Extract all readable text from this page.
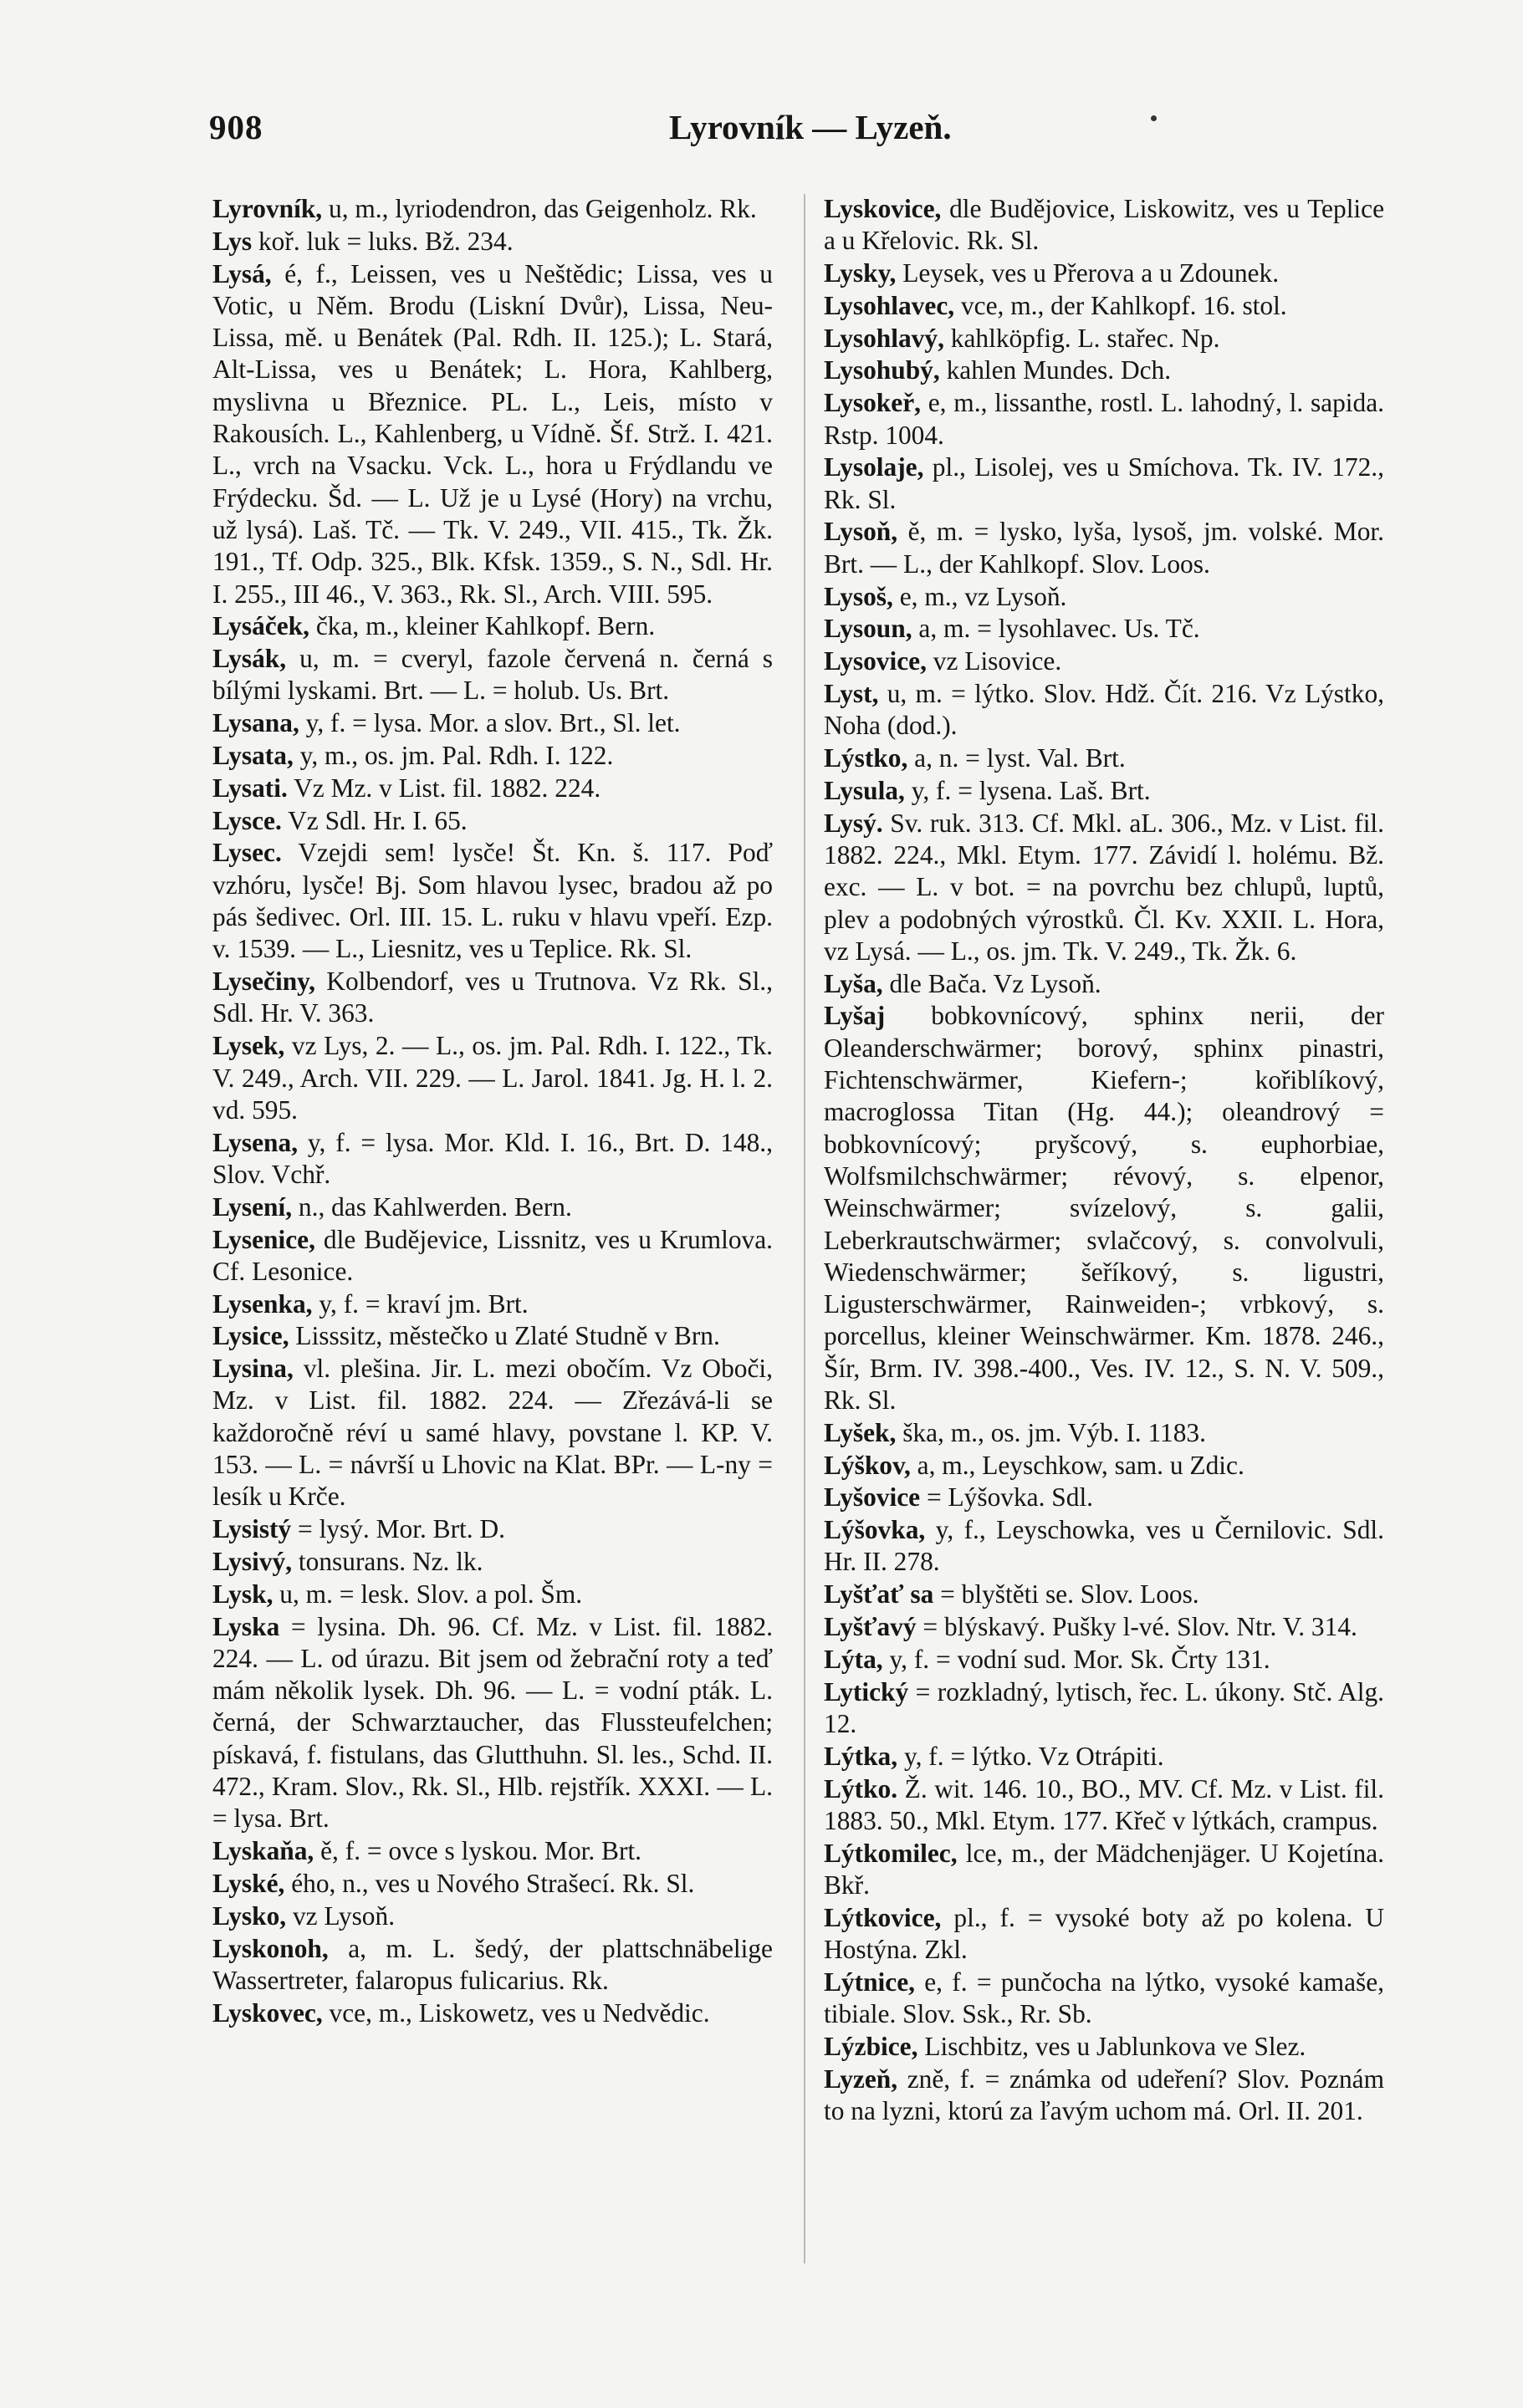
908	Lyrovník — Lyzeň.

Lyrovník, u, m., lyriodendron, das Geigenholz. Rk.

Lys koř. luk = luks. Bž. 234.

Lysá, é, f., Leissen, ves u Neštědic; Lissa, ves u Votic, u Něm. Brodu (Liskní Dvůr), Lissa, Neu-Lissa, mě. u Benátek (Pal. Rdh. II. 125.); L. Stará, Alt-Lissa, ves u Benátek; L. Hora, Kahlberg, myslivna u Březnice. PL. L., Leis, místo v Rakousích. L., Kahlenberg, u Vídně. Šf. Strž. I. 421. L., vrch na Vsacku. Vck. L., hora u Frýdlandu ve Frýdecku. Šd. — L. Už je u Lysé (Hory) na vrchu, už lysá). Laš. Tč. — Tk. V. 249., VII. 415., Tk. Žk. 191., Tf. Odp. 325., Blk. Kfsk. 1359., S. N., Sdl. Hr. I. 255., III 46., V. 363., Rk. Sl., Arch. VIII. 595.

Lysáček, čka, m., kleiner Kahlkopf. Bern.

Lysák, u, m. = cveryl, fazole červená n. černá s bílými lyskami. Brt. — L. = holub. Us. Brt.

Lysana, y, f. = lysa. Mor. a slov. Brt., Sl. let.

Lysata, y, m., os. jm. Pal. Rdh. I. 122.

Lysati. Vz Mz. v List. fil. 1882. 224.

Lysce. Vz Sdl. Hr. I. 65.

Lysec. Vzejdi sem! lysče! Št. Kn. š. 117. Poď vzhóru, lysče! Bj. Som hlavou lysec, bradou až po pás šedivec. Orl. III. 15. L. ruku v hlavu vpeří. Ezp. v. 1539. — L., Liesnitz, ves u Teplice. Rk. Sl.

Lysečiny, Kolbendorf, ves u Trutnova. Vz Rk. Sl., Sdl. Hr. V. 363.

Lysek, vz Lys, 2. — L., os. jm. Pal. Rdh. I. 122., Tk. V. 249., Arch. VII. 229. — L. Jarol. 1841. Jg. H. l. 2. vd. 595.

Lysena, y, f. = lysa. Mor. Kld. I. 16., Brt. D. 148., Slov. Vchř.

Lysení, n., das Kahlwerden. Bern.

Lysenice, dle Budějevice, Lissnitz, ves u Krumlova. Cf. Lesonice.

Lysenka, y, f. = kraví jm. Brt.

Lysice, Lisssitz, městečko u Zlaté Studně v Brn.

Lysina, vl. plešina. Jir. L. mezi obočím. Vz Oboči, Mz. v List. fil. 1882. 224. — Zřezává-li se každoročně réví u samé hlavy, povstane l. KP. V. 153. — L. = návrší u Lhovic na Klat. BPr. — L-ny = lesík u Krče.

Lysistý = lysý. Mor. Brt. D.

Lysivý, tonsurans. Nz. lk.

Lysk, u, m. = lesk. Slov. a pol. Šm.

Lyska = lysina. Dh. 96. Cf. Mz. v List. fil. 1882. 224. — L. od úrazu. Bit jsem od žebrační roty a teď mám několik lysek. Dh. 96. — L. = vodní pták. L. černá, der Schwarztaucher, das Flussteufelchen; pískavá, f. fistulans, das Glutthuhn. Sl. les., Schd. II. 472., Kram. Slov., Rk. Sl., Hlb. rejstřík. XXXI. — L. = lysa. Brt.

Lyskaňa, ě, f. = ovce s lyskou. Mor. Brt.

Lyské, ého, n., ves u Nového Strašecí. Rk. Sl.

Lysko, vz Lysoň.

Lyskonoh, a, m. L. šedý, der plattschnäbelige Wassertreter, falaropus fulicarius. Rk.

Lyskovec, vce, m., Liskowetz, ves u Nedvědic.

Lyskovice, dle Budějovice, Liskowitz, ves u Teplice a u Křelovic. Rk. Sl.

Lysky, Leysek, ves u Přerova a u Zdounek.

Lysohlavec, vce, m., der Kahlkopf. 16. stol.

Lysohlavý, kahlköpfig. L. stařec. Np.

Lysohubý, kahlen Mundes. Dch.

Lysokeř, e, m., lissanthe, rostl. L. lahodný, l. sapida. Rstp. 1004.

Lysolaje, pl., Lisolej, ves u Smíchova. Tk. IV. 172., Rk. Sl.

Lysoň, ě, m. = lysko, lyša, lysoš, jm. volské. Mor. Brt. — L., der Kahlkopf. Slov. Loos.

Lysoš, e, m., vz Lysoň.

Lysoun, a, m. = lysohlavec. Us. Tč.

Lysovice, vz Lisovice.

Lyst, u, m. = lýtko. Slov. Hdž. Čít. 216. Vz Lýstko, Noha (dod.).

Lýstko, a, n. = lyst. Val. Brt.

Lysula, y, f. = lysena. Laš. Brt.

Lysý. Sv. ruk. 313. Cf. Mkl. aL. 306., Mz. v List. fil. 1882. 224., Mkl. Etym. 177. Závidí l. holému. Bž. exc. — L. v bot. = na povrchu bez chlupů, luptů, plev a podobných výrostků. Čl. Kv. XXII. L. Hora, vz Lysá. — L., os. jm. Tk. V. 249., Tk. Žk. 6.

Lyša, dle Bača. Vz Lysoň.

Lyšaj bobkovnícový, sphinx nerii, der Oleanderschwärmer; borový, sphinx pinastri, Fichtenschwärmer, Kiefern-; kořiblíkový, macroglossa Titan (Hg. 44.); oleandrový = bobkovnícový; pryšcový, s. euphorbiae, Wolfsmilchschwärmer; révový, s. elpenor, Weinschwärmer; svízelový, s. galii, Leberkrautschwärmer; svlačcový, s. convolvuli, Wiedenschwärmer; šeříkový, s. ligustri, Ligusterschwärmer, Rainweiden-; vrbkový, s. porcellus, kleiner Weinschwärmer. Km. 1878. 246., Šír, Brm. IV. 398.-400., Ves. IV. 12., S. N. V. 509., Rk. Sl.

Lyšek, ška, m., os. jm. Výb. I. 1183.

Lýškov, a, m., Leyschkow, sam. u Zdic.

Lyšovice = Lýšovka. Sdl.

Lýšovka, y, f., Leyschowka, ves u Černilovic. Sdl. Hr. II. 278.

Lyšťať sa = blyštěti se. Slov. Loos.

Lyšťavý = blýskavý. Pušky l-vé. Slov. Ntr. V. 314.

Lýta, y, f. = vodní sud. Mor. Sk. Črty 131.

Lytický = rozkladný, lytisch, řec. L. úkony. Stč. Alg. 12.

Lýtka, y, f. = lýtko. Vz Otrápiti.

Lýtko. Ž. wit. 146. 10., BO., MV. Cf. Mz. v List. fil. 1883. 50., Mkl. Etym. 177. Křeč v lýtkách, crampus.

Lýtkomilec, lce, m., der Mädchenjäger. U Kojetína. Bkř.

Lýtkovice, pl., f. = vysoké boty až po kolena. U Hostýna. Zkl.

Lýtnice, e, f. = punčocha na lýtko, vysoké kamaše, tibiale. Slov. Ssk., Rr. Sb.

Lýzbice, Lischbitz, ves u Jablunkova ve Slez.

Lyzeň, zně, f. = známka od udeření? Slov. Poznám to na lyzni, ktorú za ľavým uchom má. Orl. II. 201.
